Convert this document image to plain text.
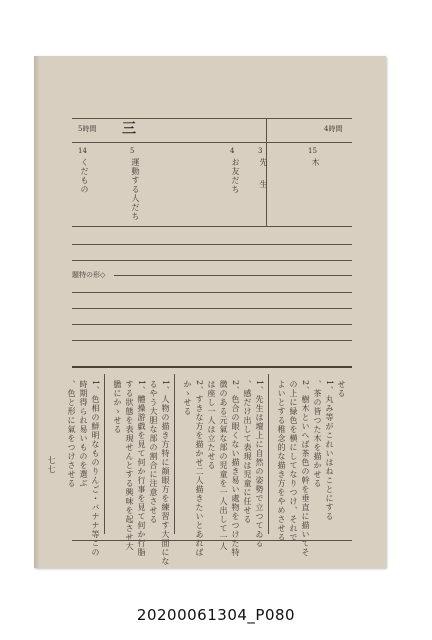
5時間 三	4時間
14
くだもの
5
運動する人だち
4
お友だち
3
先　生
15
木
題特の形◇
せる
1、丸み等がこれいはねことにする
、茶の皆つた木を描かせる
2、樹木といへば茶色の幹を垂直に描いてそ
の上に緑色を横にしてなりつけ、それで
よいとする稚念的な描き方をやめさせる
1、先生は壇上に自然の姿勢で立つてゐる
、感だけ出して表現は児童に任せる
2、色合の眼くない描き易い處物をつけた特
徴のある元氣な部の児童を一人出して一人
は座し一人は立たせる
2、すきな方を描かせ二人描きたいとあれば
かゝせる
1、人物の描き方特に顔眼方を練習す大面にな
るやう大胆な部の割合に注意させる
1、體操游戯を見て何か行事を見て何か行脂
する狀態を表現せんとする興味を起させ大
膽にかゝせる
1、色相の鮮明なものりんご・バナナ等この
時期得られ易いものを選ぶ
、色と形に氣をつけさせる
七七
20200061304_P080
